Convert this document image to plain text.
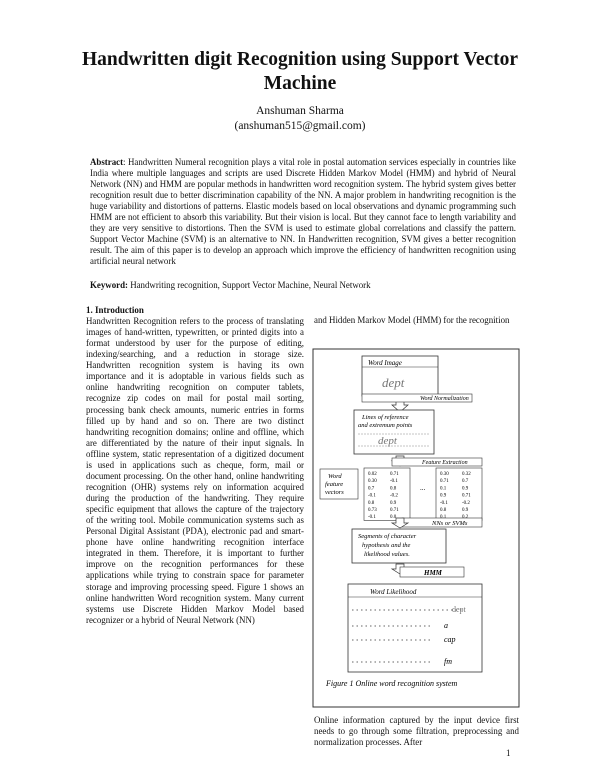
Handwritten digit Recognition using Support Vector Machine
Anshuman Sharma
(anshuman515@gmail.com)

Abstract: Handwritten Numeral recognition plays a vital role in postal automation services especially in countries like India where multiple languages and scripts are used Discrete Hidden Markov Model (HMM) and hybrid of Neural Network (NN) and HMM are popular methods in handwritten word recognition system. The hybrid system gives better recognition result due to better discrimination capability of the NN. A major problem in handwriting recognition is the huge variability and distortions of patterns. Elastic models based on local observations and dynamic programming such HMM are not efficient to absorb this variability. But their vision is local. But they cannot face to length variability and they are very sensitive to distortions. Then the SVM is used to estimate global correlations and classify the pattern. Support Vector Machine (SVM) is an alternative to NN. In Handwritten recognition, SVM gives a better recognition result. The aim of this paper is to develop an approach which improve the efficiency of handwritten recognition using artificial neural network

Keyword: Handwriting recognition, Support Vector Machine, Neural Network
1. Introduction

Handwritten Recognition refers to the process of translating images of hand-written, typewritten, or printed digits into a format understood by user for the purpose of editing, indexing/searching, and a reduction in storage size. Handwritten recognition system is having its own importance and it is adoptable in various fields such as online handwriting recognition on computer tablets, recognize zip codes on mail for postal mail sorting, processing bank check amounts, numeric entries in forms filled up by hand and so on. There are two distinct handwriting recognition domains; online and offline, which are differentiated by the nature of their input signals. In offline system, static representation of a digitized document is used in applications such as cheque, form, mail or document processing. On the other hand, online handwriting recognition (OHR) systems rely on information acquired during the production of the handwriting. They require specific equipment that allows the capture of the trajectory of the writing tool. Mobile communication systems such as Personal Digital Assistant (PDA), electronic pad and smart-phone have online handwriting recognition interface integrated in them. Therefore, it is important to further improve on the recognition performances for these applications while trying to constrain space for parameter storage and improving processing speed. Figure 1 shows an online handwritten Word recognition system. Many current systems use Discrete Hidden Markov Model based recognizer or a hybrid of Neural Network (NN)

and Hidden Markov Model (HMM) for the recognition

Word Image
dept
Word Normalization
Lines of reference
and extremum points
dept
Feature Extraction
Word
feature
vectors
0.02	0.71
0.30	-0.1
0.7	0.8
-0.1	-0.2
0.8	0.9
0.73	0.71
-0.1	0.0
0.30	0.32
0.71	0.7
0.1	0.9
0.9	0.71
-0.1	-0.2
0.8	0.9
...
NNs or SVMs
Segments of character
hypothesis and the
likelihood values.
HMM
Word Likelihood
dept
a
cap
fm
Figure 1 Online word recognition system

Online information captured by the input device first needs to go through some filtration, preprocessing and normalization processes. After

1
